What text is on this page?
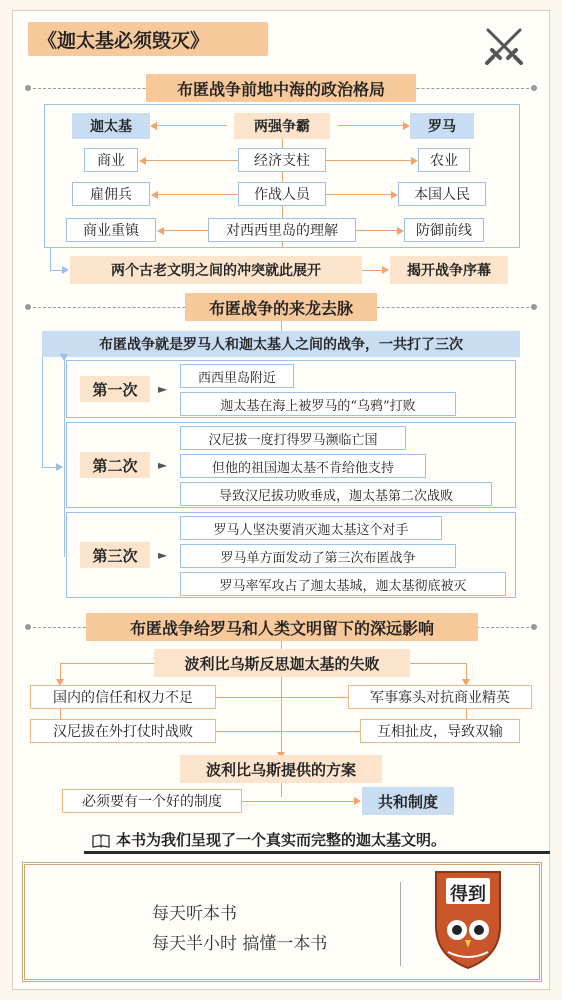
《迦太基必须毁灭》
布匿战争前地中海的政治格局
迦太基	两强争霸	罗马
商业	经济支柱	农业
雇佣兵	作战人员	本国人民
商业重镇	对西西里岛的理解	防御前线
两个古老文明之间的冲突就此展开	揭开战争序幕
布匿战争的来龙去脉
布匿战争就是罗马人和迦太基人之间的战争，一共打了三次
第一次	►
西西里岛附近
迦太基在海上被罗马的“乌鸦”打败
第二次	►
汉尼拔一度打得罗马濒临亡国
但他的祖国迦太基不肯给他支持
导致汉尼拔功败垂成，迦太基第二次战败
第三次	►
罗马人坚决要消灭迦太基这个对手
罗马单方面发动了第三次布匿战争
罗马率军攻占了迦太基城，迦太基彻底被灭
布匿战争给罗马和人类文明留下的深远影响
波利比乌斯反思迦太基的失败
国内的信任和权力不足
汉尼拔在外打仗时战败
军事寡头对抗商业精英
互相扯皮，导致双输
波利比乌斯提供的方案
必须要有一个好的制度	共和制度
本书为我们呈现了一个真实而完整的迦太基文明。
每天听本书
每天半小时 搞懂一本书
得到
